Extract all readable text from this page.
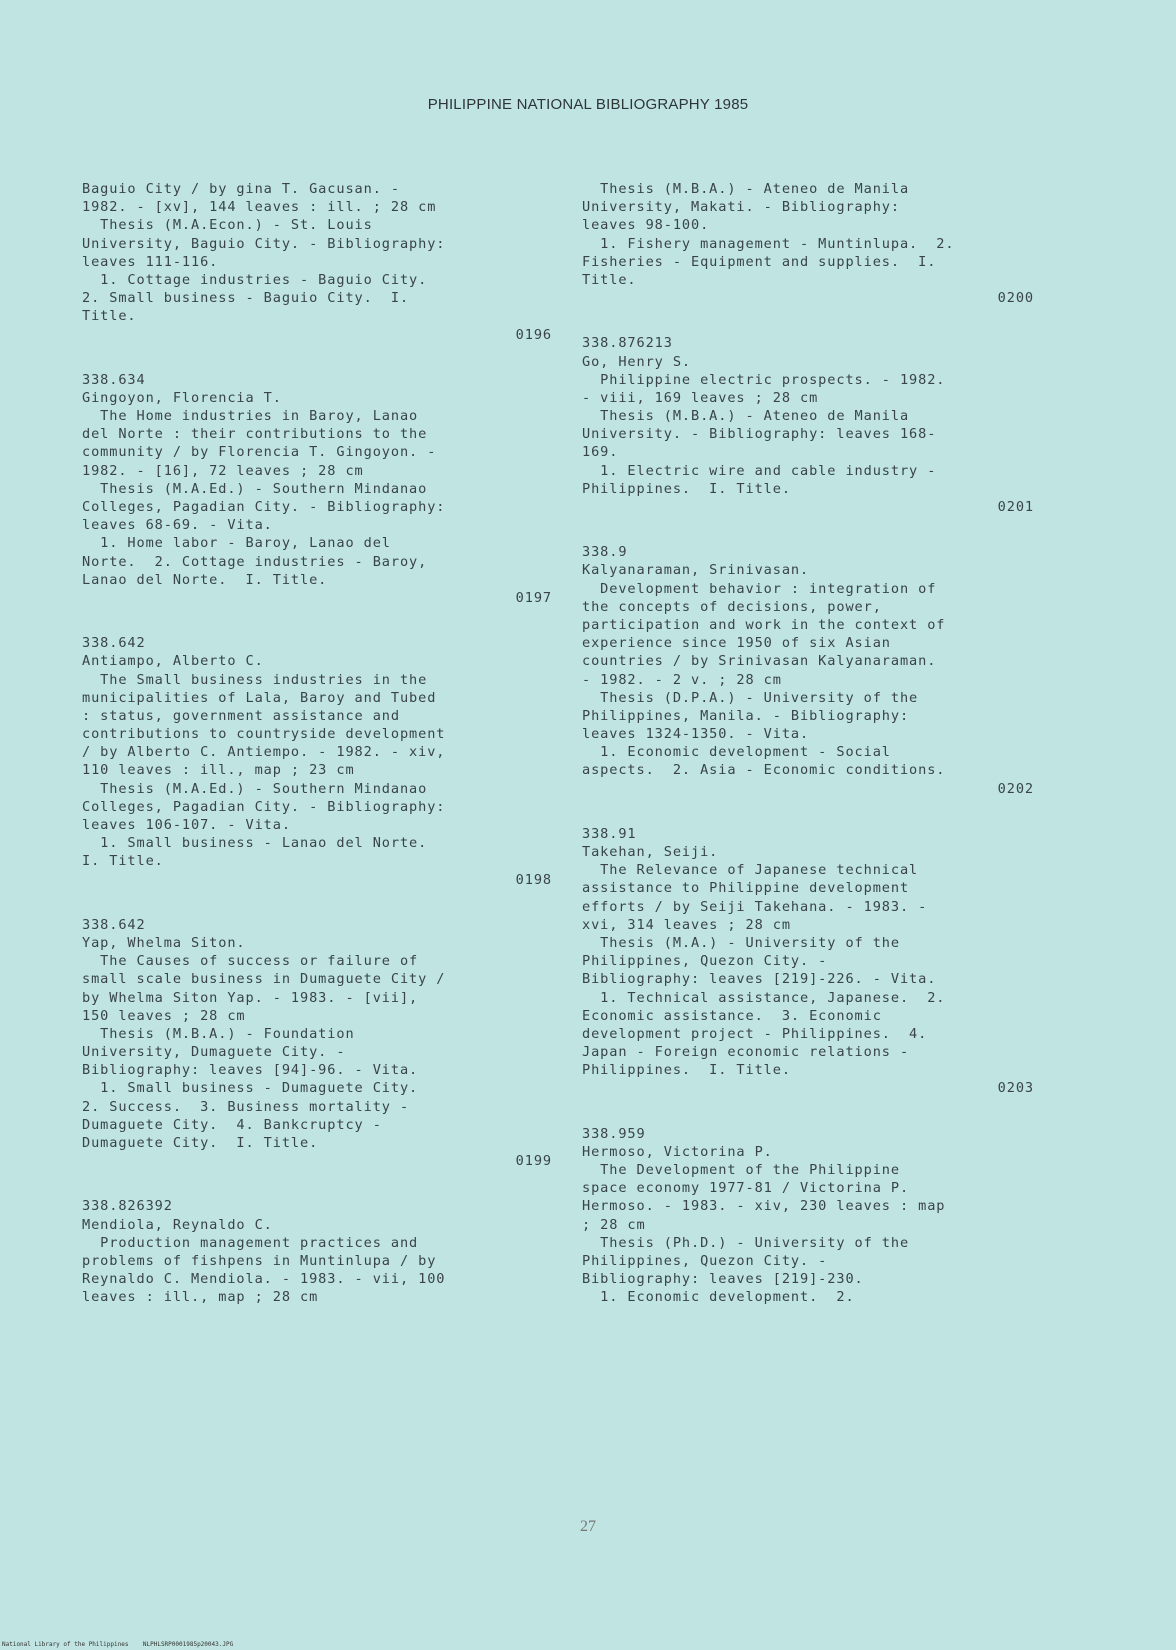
PHILIPPINE NATIONAL BIBLIOGRAPHY 1985
Baguio City / by gina T. Gacusan. -
1982. - [xv], 144 leaves : ill. ; 28 cm
Thesis (M.A.Econ.) - St. Louis
University, Baguio City. - Bibliography:
leaves 111-116.
1. Cottage industries - Baguio City.
2. Small business - Baguio City.  I.
Title.
0196
338.634
Gingoyon, Florencia T.
The Home industries in Baroy, Lanao
del Norte : their contributions to the
community / by Florencia T. Gingoyon. -
1982. - [16], 72 leaves ; 28 cm
Thesis (M.A.Ed.) - Southern Mindanao
Colleges, Pagadian City. - Bibliography:
leaves 68-69. - Vita.
1. Home labor - Baroy, Lanao del
Norte.  2. Cottage industries - Baroy,
Lanao del Norte.  I. Title.
0197
338.642
Antiampo, Alberto C.
The Small business industries in the
municipalities of Lala, Baroy and Tubed
: status, government assistance and
contributions to countryside development
/ by Alberto C. Antiempo. - 1982. - xiv,
110 leaves : ill., map ; 23 cm
Thesis (M.A.Ed.) - Southern Mindanao
Colleges, Pagadian City. - Bibliography:
leaves 106-107. - Vita.
1. Small business - Lanao del Norte.
I. Title.
0198
338.642
Yap, Whelma Siton.
The Causes of success or failure of
small scale business in Dumaguete City /
by Whelma Siton Yap. - 1983. - [vii],
150 leaves ; 28 cm
Thesis (M.B.A.) - Foundation
University, Dumaguete City. -
Bibliography: leaves [94]-96. - Vita.
1. Small business - Dumaguete City.
2. Success.  3. Business mortality -
Dumaguete City.  4. Bankcruptcy -
Dumaguete City.  I. Title.
0199
338.826392
Mendiola, Reynaldo C.
Production management practices and
problems of fishpens in Muntinlupa / by
Reynaldo C. Mendiola. - 1983. - vii, 100
leaves : ill., map ; 28 cm
Thesis (M.B.A.) - Ateneo de Manila
University, Makati. - Bibliography:
leaves 98-100.
1. Fishery management - Muntinlupa.  2.
Fisheries - Equipment and supplies.  I.
Title.
0200
338.876213
Go, Henry S.
Philippine electric prospects. - 1982.
- viii, 169 leaves ; 28 cm
Thesis (M.B.A.) - Ateneo de Manila
University. - Bibliography: leaves 168-
169.
1. Electric wire and cable industry -
Philippines.  I. Title.
0201
338.9
Kalyanaraman, Srinivasan.
Development behavior : integration of
the concepts of decisions, power,
participation and work in the context of
experience since 1950 of six Asian
countries / by Srinivasan Kalyanaraman.
- 1982. - 2 v. ; 28 cm
Thesis (D.P.A.) - University of the
Philippines, Manila. - Bibliography:
leaves 1324-1350. - Vita.
1. Economic development - Social
aspects.  2. Asia - Economic conditions.
0202
338.91
Takehan, Seiji.
The Relevance of Japanese technical
assistance to Philippine development
efforts / by Seiji Takehana. - 1983. -
xvi, 314 leaves ; 28 cm
Thesis (M.A.) - University of the
Philippines, Quezon City. -
Bibliography: leaves [219]-226. - Vita.
1. Technical assistance, Japanese.  2.
Economic assistance.  3. Economic
development project - Philippines.  4.
Japan - Foreign economic relations -
Philippines.  I. Title.
0203
338.959
Hermoso, Victorina P.
The Development of the Philippine
space economy 1977-81 / Victorina P.
Hermoso. - 1983. - xiv, 230 leaves : map
; 28 cm
Thesis (Ph.D.) - University of the
Philippines, Quezon City. -
Bibliography: leaves [219]-230.
1. Economic development.  2.
27
National Library of the Philippines    NLPHLSRP0001985p20043.JPG
